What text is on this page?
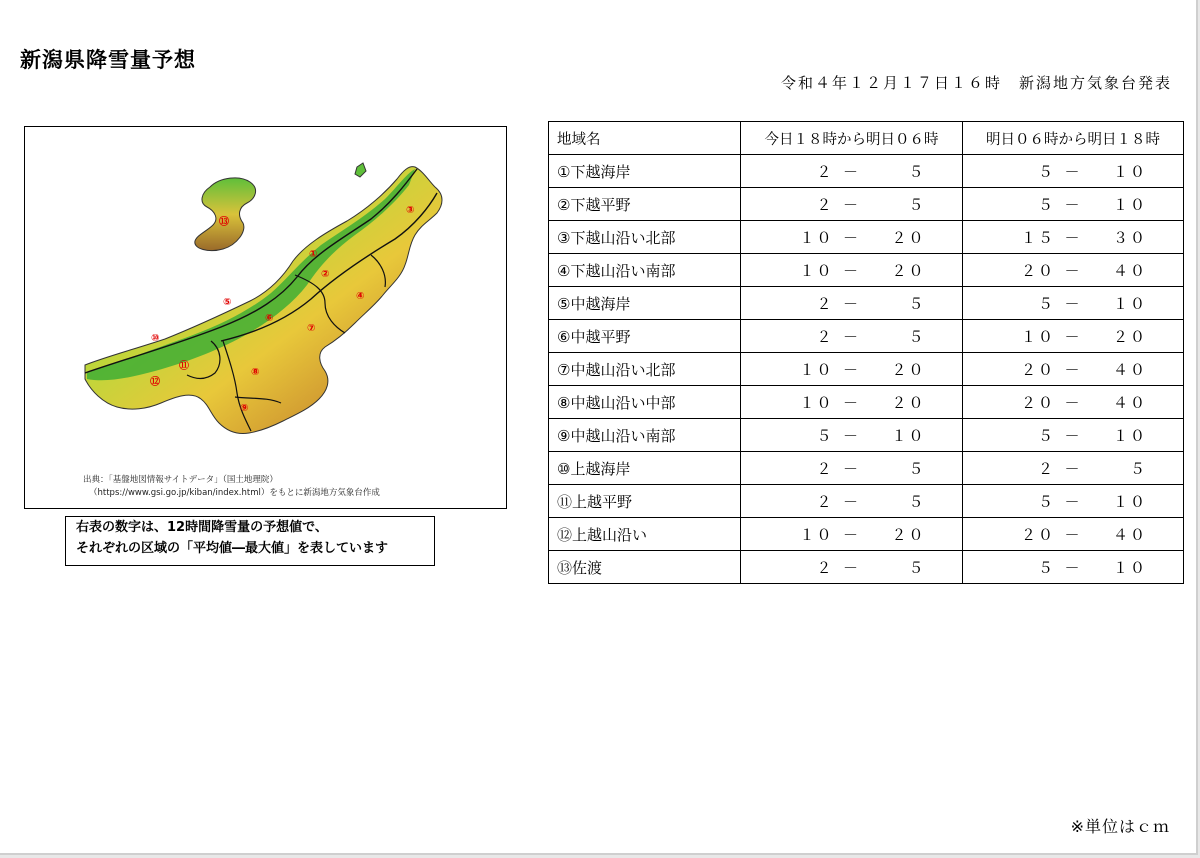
新潟県降雪量予想
令和４年１２月１７日１６時　新潟地方気象台発表
①
②
③
④
⑤
⑥
⑦
⑧
⑨
⑩
⑪
⑫
⑬
出典：「基盤地図情報サイトデータ」（国土地理院）
（https://www.gsi.go.jp/kiban/index.html）をもとに新潟地方気象台作成
右表の数字は、12時間降雪量の予想値で、
それぞれの区域の「平均値―最大値」を表しています
地域名	今日１８時から明日０６時	明日０６時から明日１８時
①下越海岸	２ － ５	５ － １０

②下越平野	２ － ５	５ － １０

③下越山沿い北部	１０ － ２０	１５ － ３０

④下越山沿い南部	１０ － ２０	２０ － ４０

⑤中越海岸	２ － ５	５ － １０

⑥中越平野	２ － ５	１０ － ２０

⑦中越山沿い北部	１０ － ２０	２０ － ４０

⑧中越山沿い中部	１０ － ２０	２０ － ４０

⑨中越山沿い南部	５ － １０	５ － １０

⑩上越海岸	２ － ５	２ － ５

⑪上越平野	２ － ５	５ － １０

⑫上越山沿い	１０ － ２０	２０ － ４０

⑬佐渡	２ － ５	５ － １０
※単位はｃｍ
